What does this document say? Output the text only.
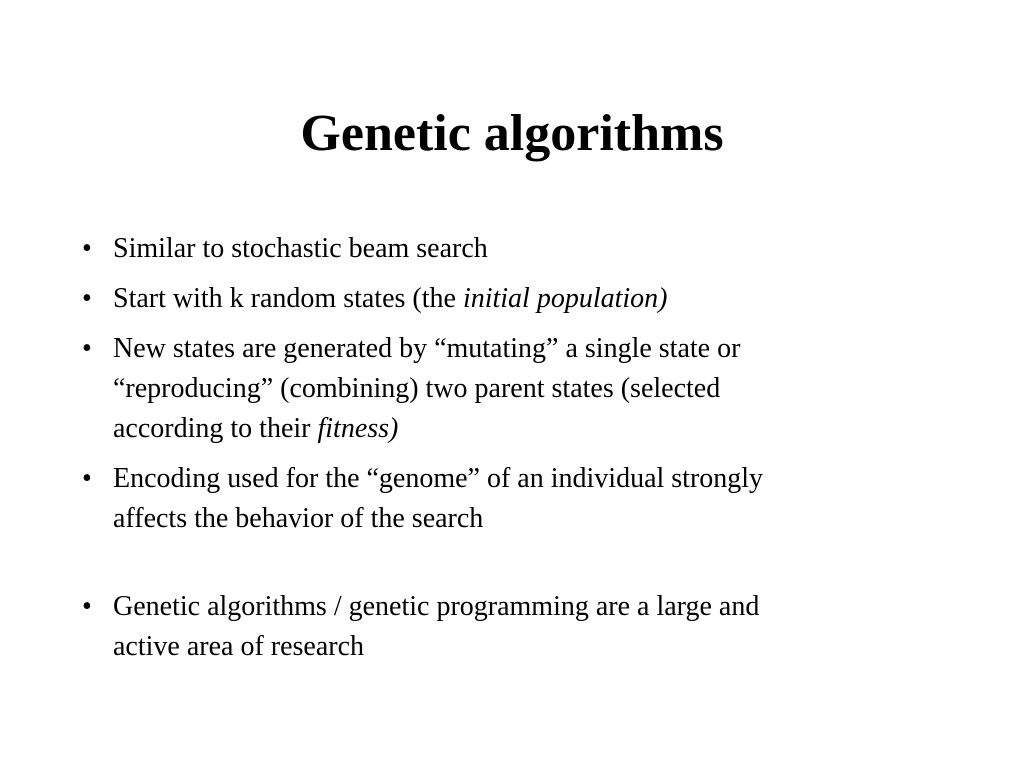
Genetic algorithms
• Similar to stochastic beam search
• Start with k random states (the initial population)
• New states are generated by “mutating” a single state or
“reproducing” (combining) two parent states (selected
according to their fitness)
• Encoding used for the “genome” of an individual strongly
affects the behavior of the search
• Genetic algorithms / genetic programming are a large and
active area of research
